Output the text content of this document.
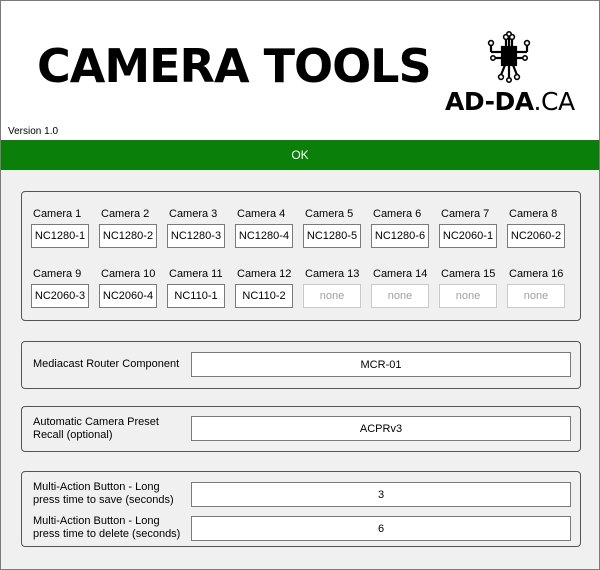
CAMERA TOOLS
AD-DA.CA
Version 1.0
OK
Camera 1
NC1280-1 Camera 2
NC1280-2 Camera 3
NC1280-3 Camera 4
NC1280-4 Camera 5
NC1280-5 Camera 6
NC1280-6 Camera 7
NC2060-1 Camera 8
NC2060-2
Camera 9
NC2060-3 Camera 10
NC2060-4 Camera 11
NC110-1 Camera 12
NC110-2 Camera 13
none Camera 14
none Camera 15
none Camera 16
none
Mediacast Router Component
MCR-01
Automatic Camera Preset
Recall (optional)
ACPRv3
Multi-Action Button - Long
press time to save (seconds)
3
Multi-Action Button - Long
press time to delete (seconds)
6
